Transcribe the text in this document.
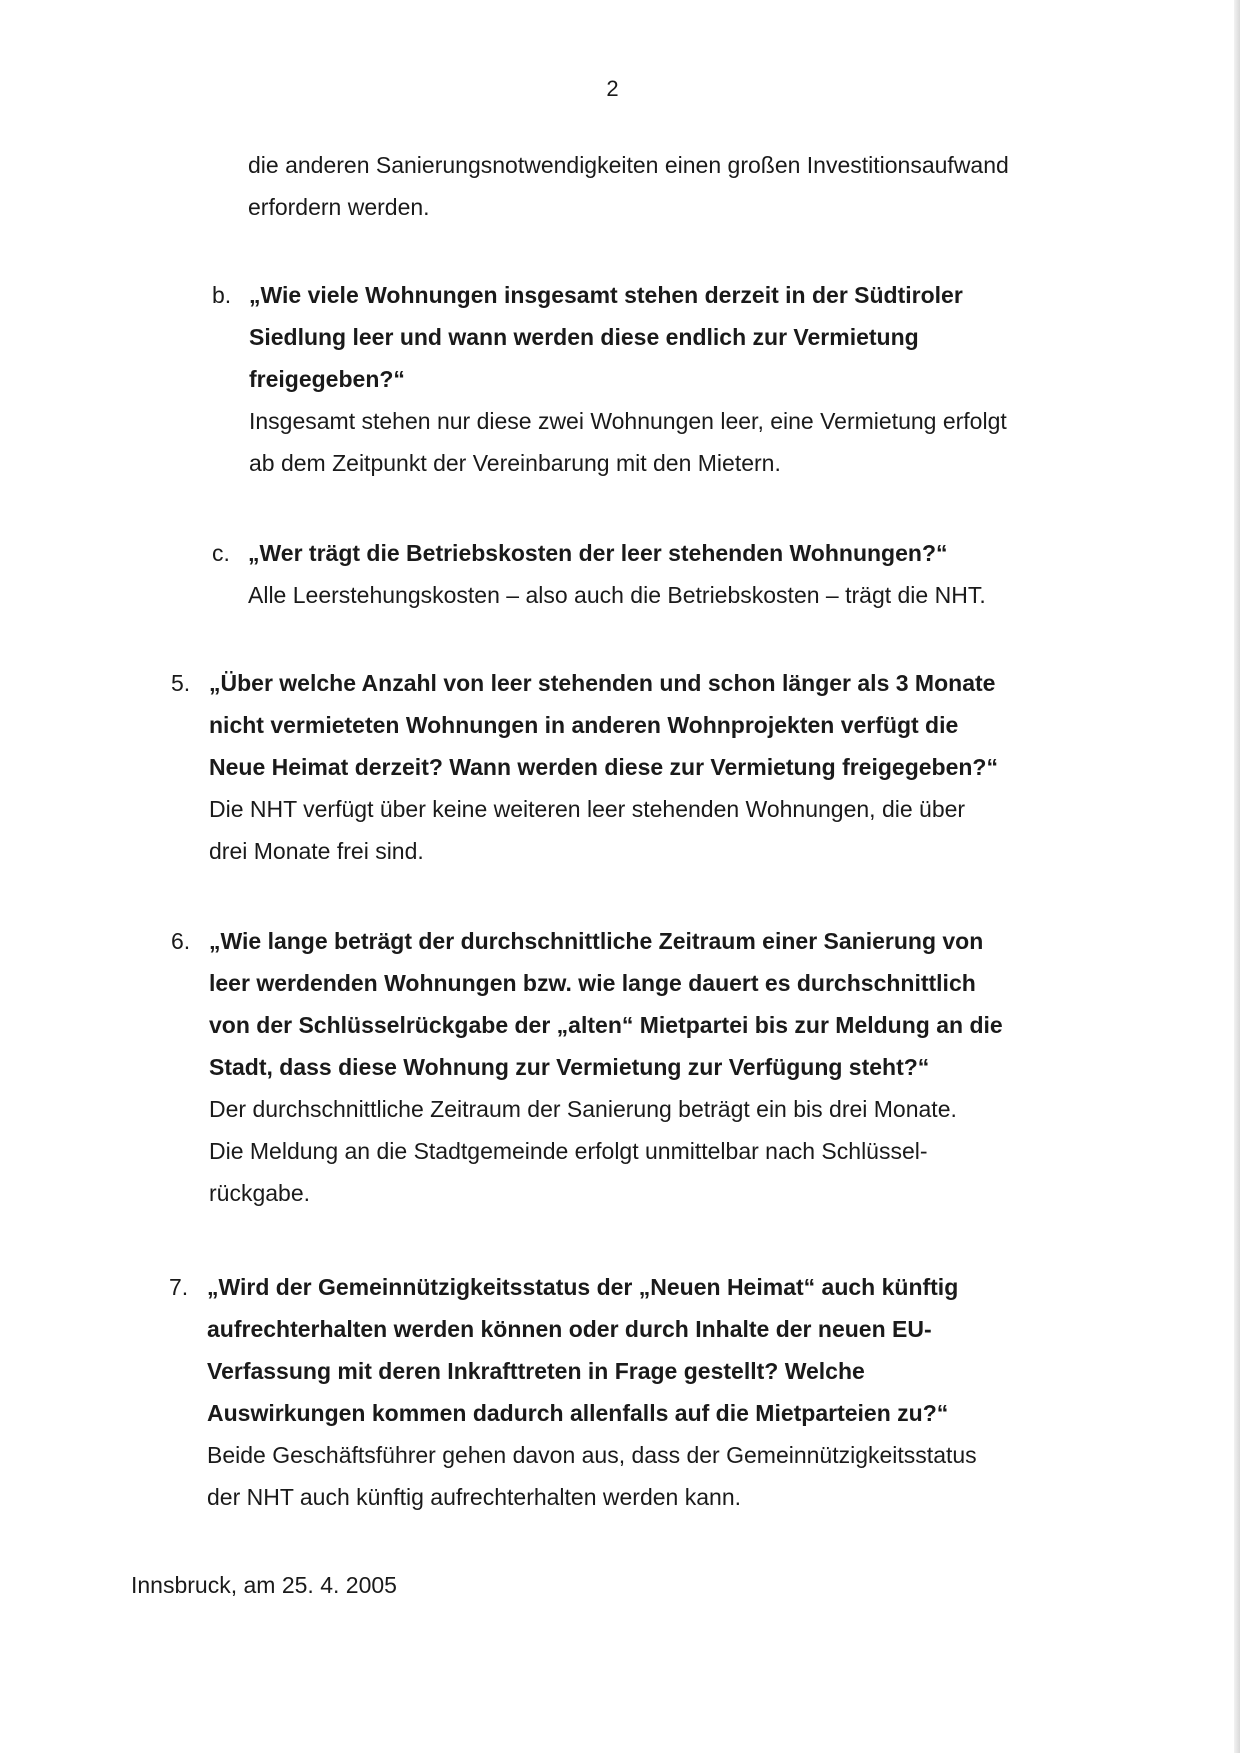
2
die anderen Sanierungsnotwendigkeiten einen großen Investitionsaufwand
erfordern werden.
b. „Wie viele Wohnungen insgesamt stehen derzeit in der Südtiroler
Siedlung leer und wann werden diese endlich zur Vermietung
freigegeben?“
Insgesamt stehen nur diese zwei Wohnungen leer, eine Vermietung erfolgt
ab dem Zeitpunkt der Vereinbarung mit den Mietern.
c. „Wer trägt die Betriebskosten der leer stehenden Wohnungen?“
Alle Leerstehungskosten – also auch die Betriebskosten – trägt die NHT.
5. „Über welche Anzahl von leer stehenden und schon länger als 3 Monate
nicht vermieteten Wohnungen in anderen Wohnprojekten verfügt die
Neue Heimat derzeit? Wann werden diese zur Vermietung freigegeben?“
Die NHT verfügt über keine weiteren leer stehenden Wohnungen, die über
drei Monate frei sind.
6. „Wie lange beträgt der durchschnittliche Zeitraum einer Sanierung von
leer werdenden Wohnungen bzw. wie lange dauert es durchschnittlich
von der Schlüsselrückgabe der „alten“ Mietpartei bis zur Meldung an die
Stadt, dass diese Wohnung zur Vermietung zur Verfügung steht?“
Der durchschnittliche Zeitraum der Sanierung beträgt ein bis drei Monate.
Die Meldung an die Stadtgemeinde erfolgt unmittelbar nach Schlüssel-
rückgabe.
7. „Wird der Gemeinnützigkeitsstatus der „Neuen Heimat“ auch künftig
aufrechterhalten werden können oder durch Inhalte der neuen EU-
Verfassung mit deren Inkrafttreten in Frage gestellt? Welche
Auswirkungen kommen dadurch allenfalls auf die Mietparteien zu?“
Beide Geschäftsführer gehen davon aus, dass der Gemeinnützigkeitsstatus
der NHT auch künftig aufrechterhalten werden kann.
Innsbruck, am 25. 4. 2005
